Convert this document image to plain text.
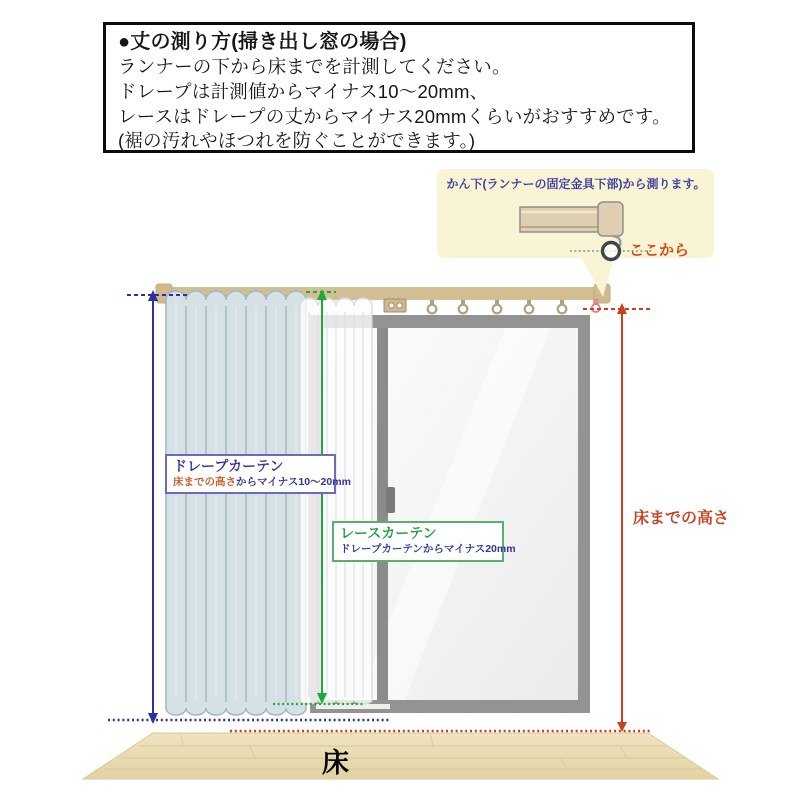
●丈の測り方(掃き出し窓の場合)
ランナーの下から床までを計測してください。
ドレープは計測値からマイナス10〜20mm、
レースはドレープの丈からマイナス20mmくらいがおすすめです。
(裾の汚れやほつれを防ぐことができます。)
かん下(ランナーの固定金具下部)から測ります。
ここから
ドレープカーテン
床までの高さからマイナス10〜20mm
レースカーテン
ドレープカーテンからマイナス20mm
床までの高さ
床
